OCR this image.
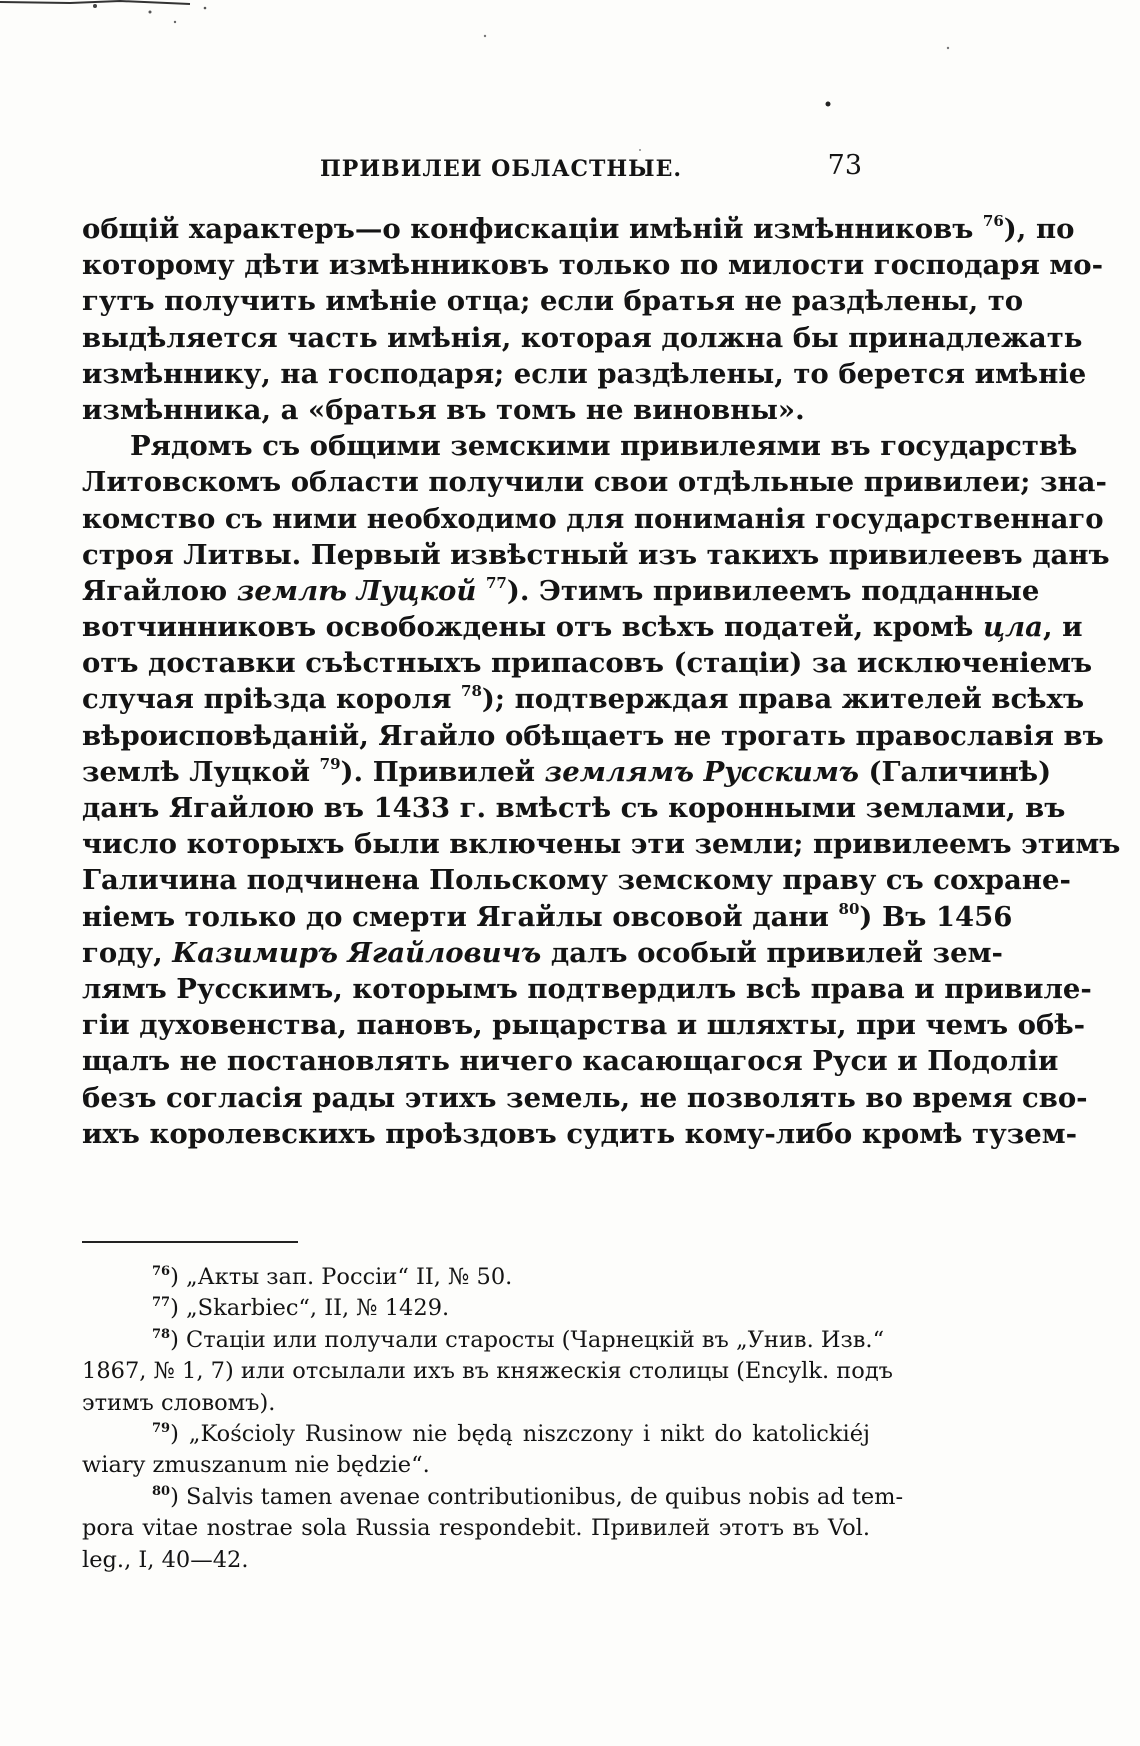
ПРИВИЛЕИ ОБЛАСТНЫЕ.	73
общій характеръ—о конфискаціи имѣній измѣнниковъ $^{76}$), по
которому дѣти измѣнниковъ только по милости господаря мо-
гутъ получить имѣніе отца; если братья не раздѣлены, то
выдѣляется часть имѣнія, которая должна бы принадлежать
измѣннику, на господаря; если раздѣлены, то берется имѣніе
измѣнника, а «братья въ томъ не виновны».
Рядомъ съ общими земскими привилеями въ государствѣ
Литовскомъ области получили свои отдѣльные привилеи; зна-
комство съ ними необходимо для пониманія государственнаго
строя Литвы. Первый извѣстный изъ такихъ привилеевъ данъ
Ягайлою землѣ Луцкой $^{77}$). Этимъ привилеемъ подданные
вотчинниковъ освобождены отъ всѣхъ податей, кромѣ цла, и
отъ доставки съѣстныхъ припасовъ (стаціи) за исключеніемъ
случая пріѣзда короля $^{78}$); подтверждая права жителей всѣхъ
вѣроисповѣданій, Ягайло обѣщаетъ не трогать православія въ
землѣ Луцкой $^{79}$). Привилей землямъ Русскимъ (Галичинѣ)
данъ Ягайлою въ 1433 г. вмѣстѣ съ коронными землами, въ
число которыхъ были включены эти земли; привилеемъ этимъ
Галичина подчинена Польскому земскому праву съ сохране-
ніемъ только до смерти Ягайлы овсовой дани $^{80}$) Въ 1456
году, Казимиръ Ягайловичъ далъ особый привилей зем-
лямъ Русскимъ, которымъ подтвердилъ всѣ права и привиле-
гіи духовенства, пановъ, рыцарства и шляхты, при чемъ обѣ-
щалъ не постановлять ничего касающагося Руси и Подоліи
безъ согласія рады этихъ земель, не позволять во время сво-
ихъ королевскихъ проѣздовъ судить кому-либо кромѣ тузем-
$^{76}$) „Акты зап. Россіи“ II, № 50.
$^{77}$) „Skarbiec“, II, № 1429.
$^{78}$) Стаціи или получали старосты (Чарнецкій въ „Унив. Изв.“
1867, № 1, 7) или отсылали ихъ въ княжескія столицы (Encylk. подъ
этимъ словомъ).
$^{79}$) „Kościoly Rusinow nie będą niszczony i nikt do katolickiéj
wiary zmuszanum nie będzie“.
$^{80}$) Salvis tamen avenae contributionibus, de quibus nobis ad tem-
pora vitae nostrae sola Russia respondebit. Привилей этотъ въ Vol.
leg., I, 40—42.
